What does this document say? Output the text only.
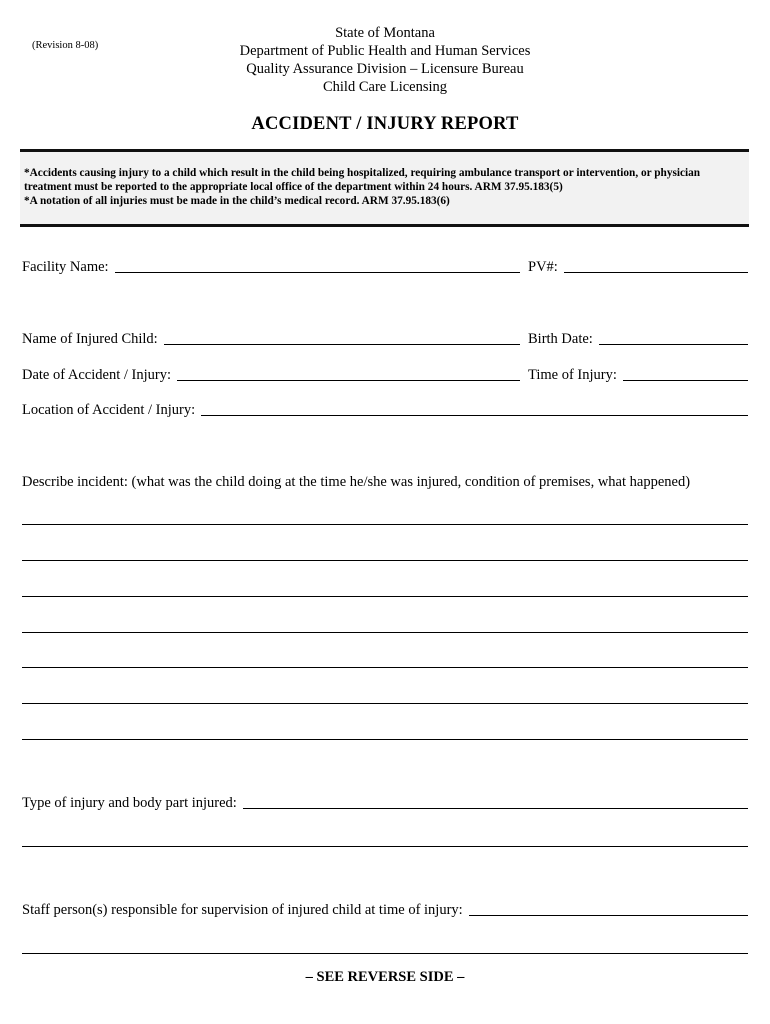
(Revision 8-08)
State of Montana
Department of Public Health and Human Services
Quality Assurance Division – Licensure Bureau
Child Care Licensing
ACCIDENT / INJURY REPORT

*Accidents causing injury to a child which result in the child being hospitalized, requiring ambulance transport or intervention, or physician treatment must be reported to the appropriate local office of the department within 24 hours. ARM 37.95.183(5)

*A notation of all injuries must be made in the child’s medical record. ARM 37.95.183(6)

Facility Name:	PV#:
Name of Injured Child:	Birth Date:
Date of Accident / Injury:	Time of Injury:
Location of Accident / Injury:
Describe incident: (what was the child doing at the time he/she was injured, condition of premises, what happened)
Type of injury and body part injured:
Staff person(s) responsible for supervision of injured child at time of injury:
– SEE REVERSE SIDE –
